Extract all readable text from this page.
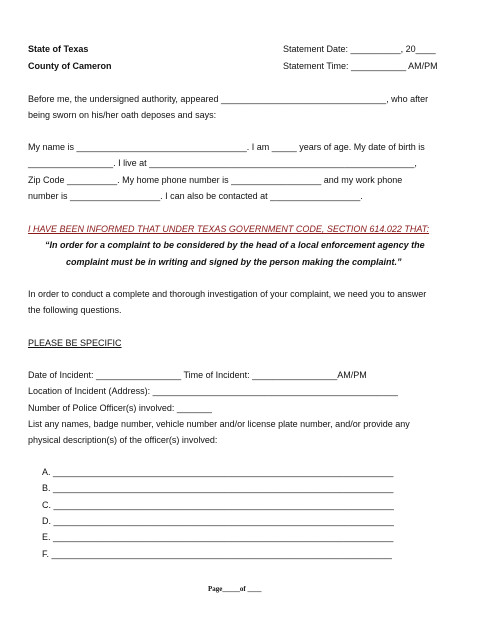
State of Texas	Statement Date: __________, 20____
County of Cameron	Statement Time: ___________ AM/PM
Before me, the undersigned authority, appeared _________________________________, who after
being sworn on his/her oath deposes and says:
My name is __________________________________. I am _____ years of age. My date of birth is
_________________. I live at _____________________________________________________,
Zip Code __________. My home phone number is __________________ and my work phone
number is __________________. I can also be contacted at __________________.
I HAVE BEEN INFORMED THAT UNDER TEXAS GOVERNMENT CODE, SECTION 614.022 THAT:
“In order for a complaint to be considered by the head of a local enforcement agency the
complaint must be in writing and signed by the person making the complaint.”
In order to conduct a complete and thorough investigation of your complaint, we need you to answer
the following questions.
PLEASE BE SPECIFIC
Date of Incident: _________________ Time of Incident: _________________AM/PM
Location of Incident (Address): _________________________________________________
Number of Police Officer(s) involved: _______
List any names, badge number, vehicle number and/or license plate number, and/or provide any
physical description(s) of the officer(s) involved:
A. ____________________________________________________________________
B. ____________________________________________________________________
C. ____________________________________________________________________
D. ____________________________________________________________________
E. ____________________________________________________________________
F. ____________________________________________________________________
Page_____of ____
